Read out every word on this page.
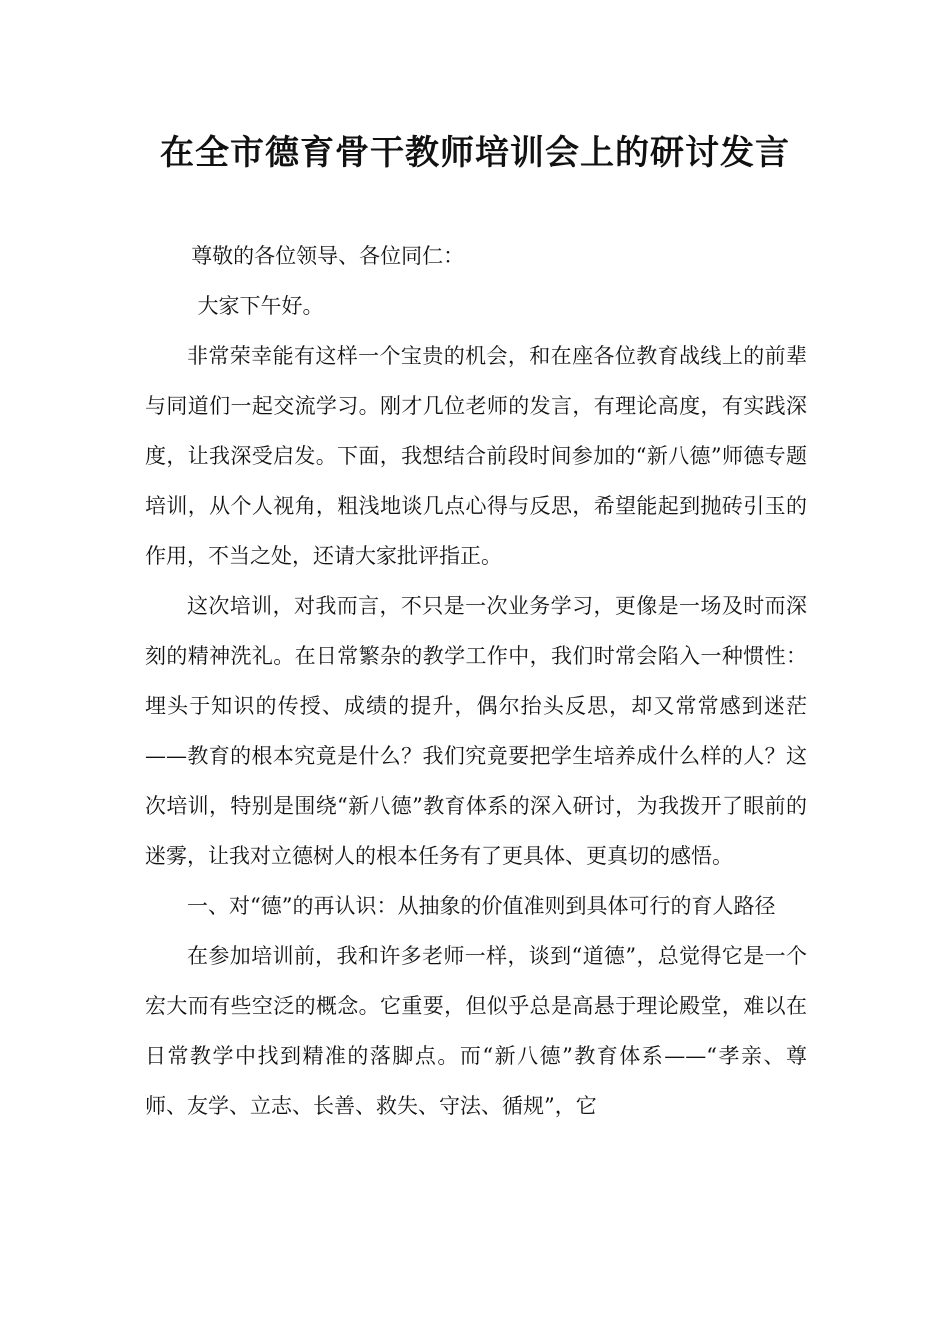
在全市德育骨干教师培训会上的研讨发言

尊敬的各位领导、各位同仁：

大家下午好。

非常荣幸能有这样一个宝贵的机会，和在座各位教育战线上的前辈与同道们一起交流学习。刚才几位老师的发言，有理论高度，有实践深度，让我深受启发。下面，我想结合前段时间参加的“新八德”师德专题培训，从个人视角，粗浅地谈几点心得与反思，希望能起到抛砖引玉的作用，不当之处，还请大家批评指正。

这次培训，对我而言，不只是一次业务学习，更像是一场及时而深刻的精神洗礼。在日常繁杂的教学工作中，我们时常会陷入一种惯性：埋头于知识的传授、成绩的提升，偶尔抬头反思，却又常常感到迷茫——教育的根本究竟是什么？我们究竟要把学生培养成什么样的人？这次培训，特别是围绕“新八德”教育体系的深入研讨，为我拨开了眼前的迷雾，让我对立德树人的根本任务有了更具体、更真切的感悟。

一、对“德”的再认识：从抽象的价值准则到具体可行的育人路径

在参加培训前，我和许多老师一样，谈到“道德”，总觉得它是一个宏大而有些空泛的概念。它重要，但似乎总是高悬于理论殿堂，难以在日常教学中找到精准的落脚点。而“新八德”教育体系——“孝亲、尊师、友学、立志、长善、救失、守法、循规”，它
